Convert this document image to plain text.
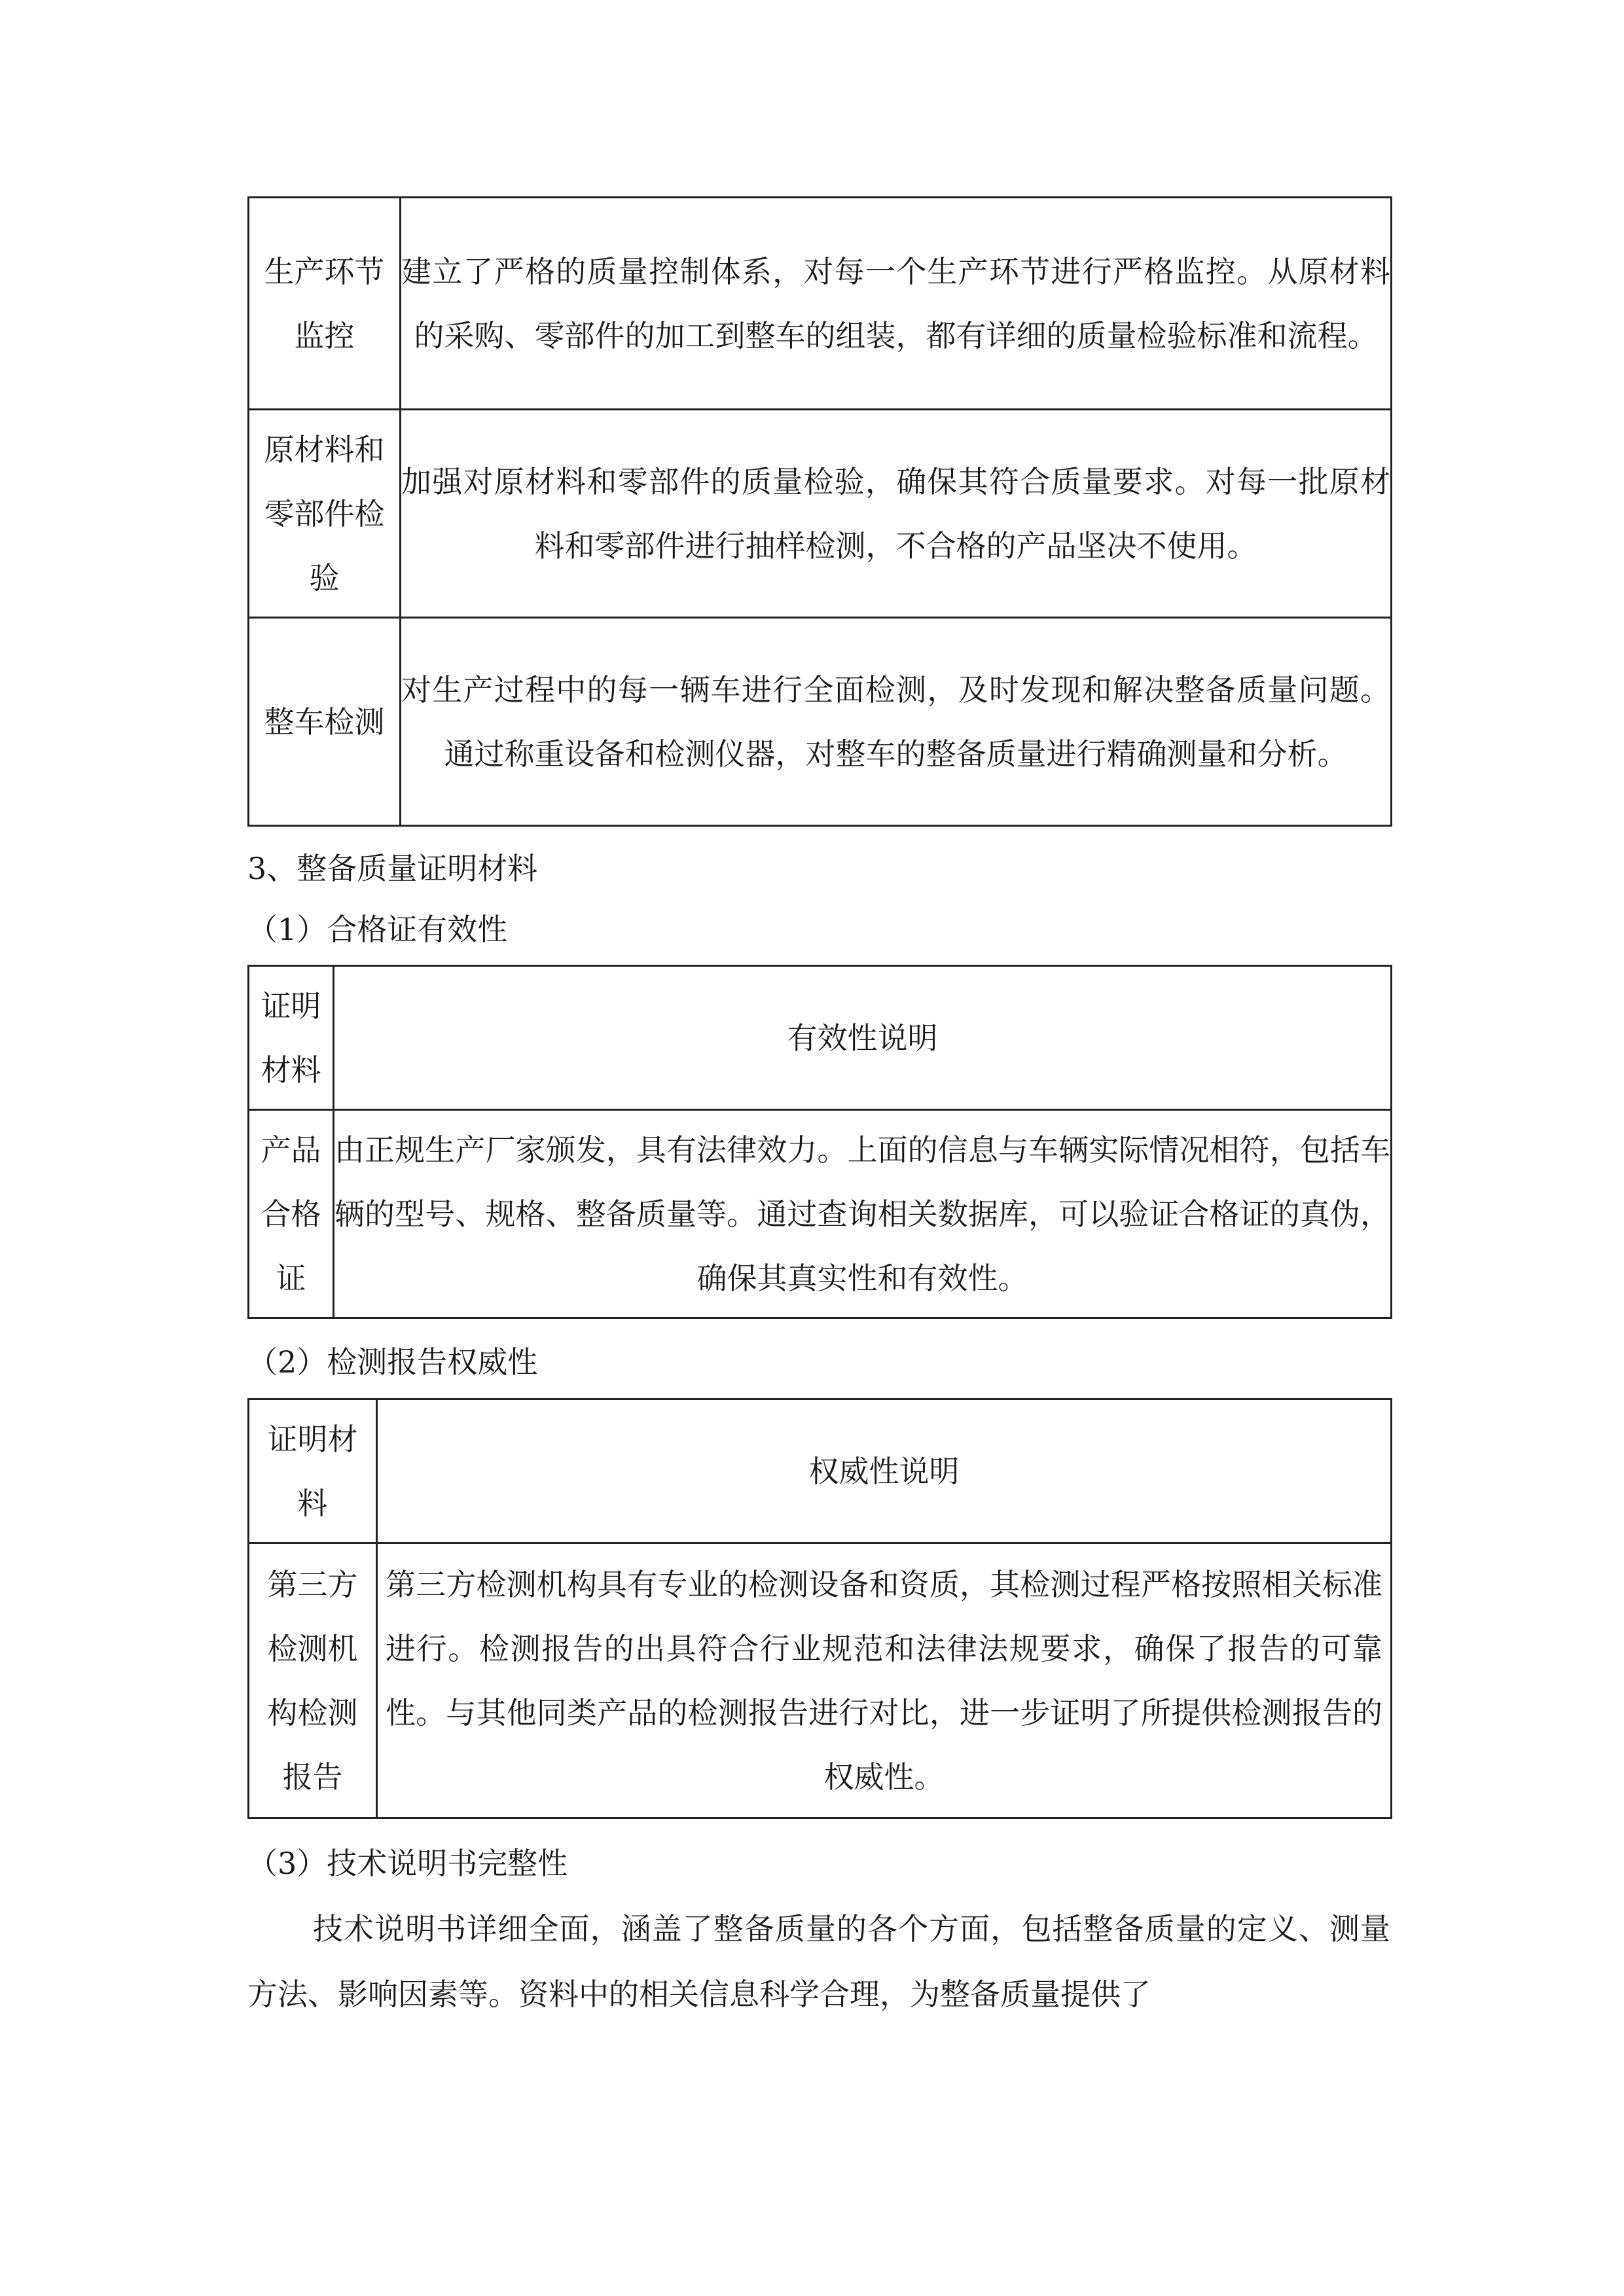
生产环节监控	建立了严格的质量控制体系，对每一个生产环节进行严格监控。从原材料的采购、零部件的加工到整车的组装，都有详细的质量检验标准和流程。

原材料和零部件检验	加强对原材料和零部件的质量检验，确保其符合质量要求。对每一批原材料和零部件进行抽样检测，不合格的产品坚决不使用。
整车检测	对生产过程中的每一辆车进行全面检测，及时发现和解决整备质量问题。通过称重设备和检测仪器，对整车的整备质量进行精确测量和分析。
3、整备质量证明材料
（1）合格证有效性
证明材料	有效性说明

产品合格证	由正规生产厂家颁发，具有法律效力。上面的信息与车辆实际情况相符，包括车辆的型号、规格、整备质量等。通过查询相关数据库，可以验证合格证的真伪，确保其真实性和有效性。
（2）检测报告权威性
证明材料	权威性说明

第三方检测机构检测报告	第三方检测机构具有专业的检测设备和资质，其检测过程严格按照相关标准进行。检测报告的出具符合行业规范和法律法规要求，确保了报告的可靠性。与其他同类产品的检测报告进行对比，进一步证明了所提供检测报告的权威性。
（3）技术说明书完整性
技术说明书详细全面，涵盖了整备质量的各个方面，包括整备质量的定义、测量方法、影响因素等。资料中的相关信息科学合理，为整备质量提供了
